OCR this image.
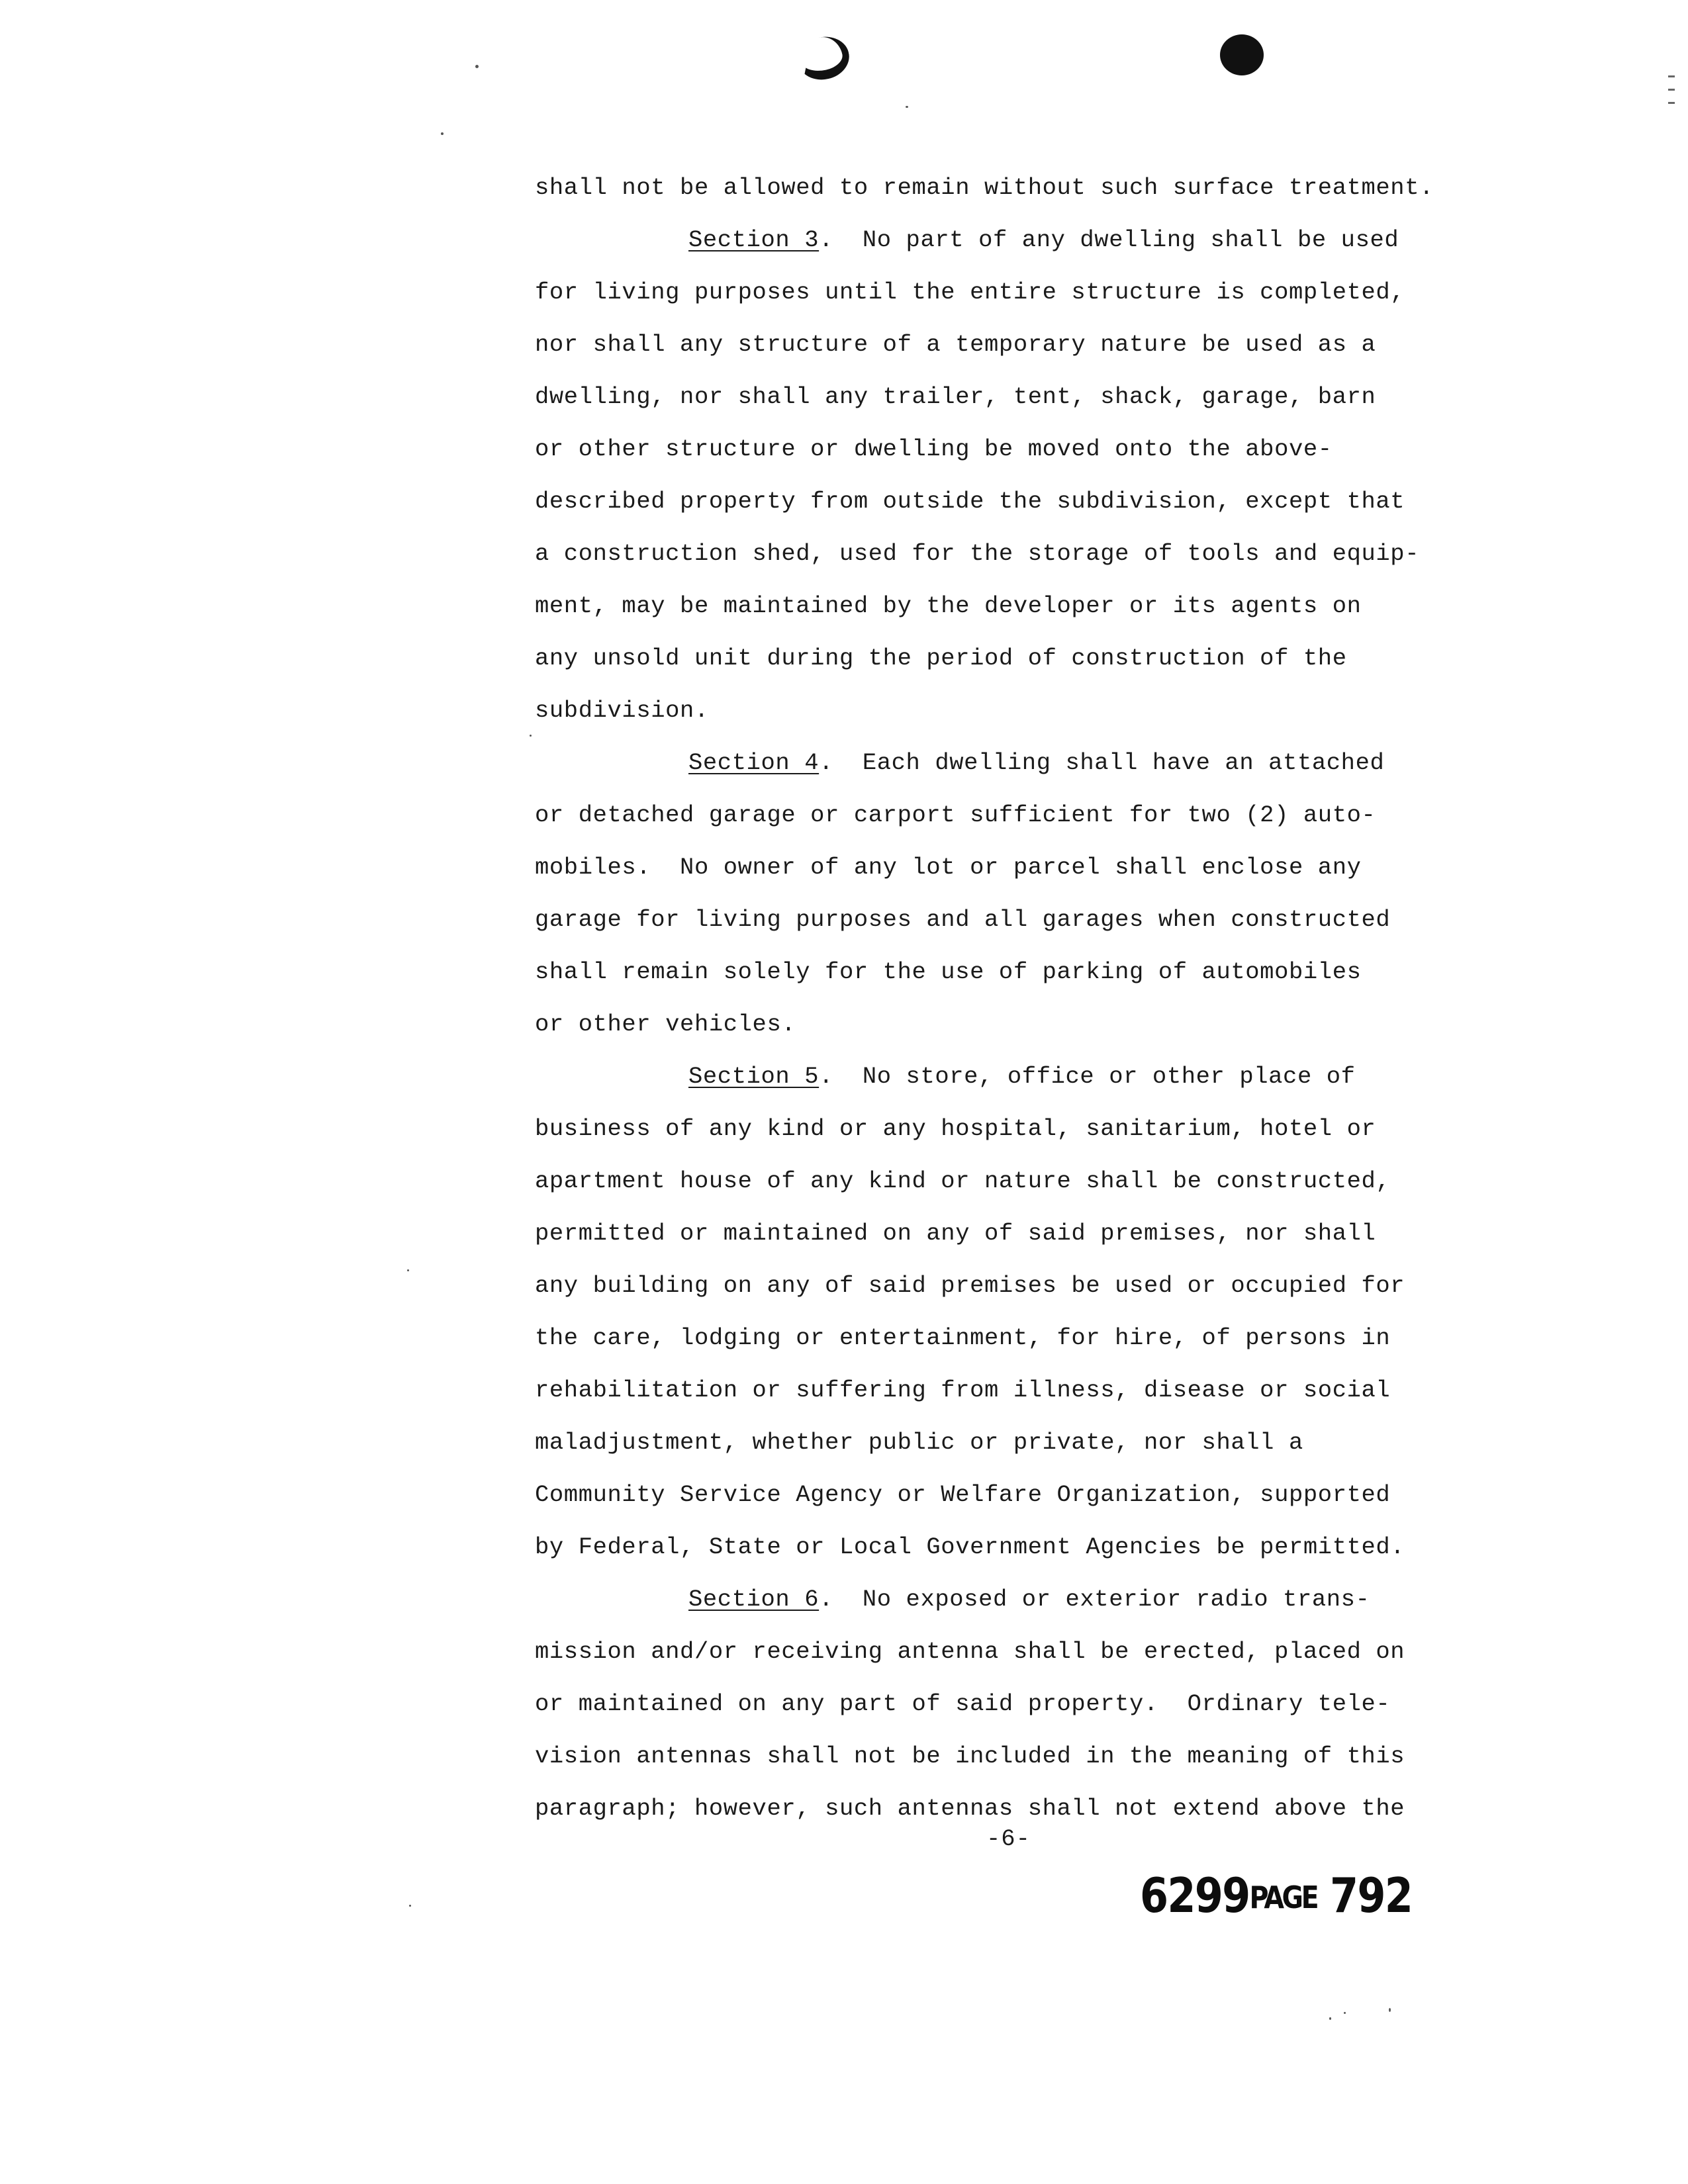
shall not be allowed to remain without such surface treatment.
Section 3.  No part of any dwelling shall be used
for living purposes until the entire structure is completed,
nor shall any structure of a temporary nature be used as a
dwelling, nor shall any trailer, tent, shack, garage, barn
or other structure or dwelling be moved onto the above-
described property from outside the subdivision, except that
a construction shed, used for the storage of tools and equip-
ment, may be maintained by the developer or its agents on
any unsold unit during the period of construction of the
subdivision.
Section 4.  Each dwelling shall have an attached
or detached garage or carport sufficient for two (2) auto-
mobiles.  No owner of any lot or parcel shall enclose any
garage for living purposes and all garages when constructed
shall remain solely for the use of parking of automobiles
or other vehicles.
Section 5.  No store, office or other place of
business of any kind or any hospital, sanitarium, hotel or
apartment house of any kind or nature shall be constructed,
permitted or maintained on any of said premises, nor shall
any building on any of said premises be used or occupied for
the care, lodging or entertainment, for hire, of persons in
rehabilitation or suffering from illness, disease or social
maladjustment, whether public or private, nor shall a
Community Service Agency or Welfare Organization, supported
by Federal, State or Local Government Agencies be permitted.
Section 6.  No exposed or exterior radio trans-
mission and/or receiving antenna shall be erected, placed on
or maintained on any part of said property.  Ordinary tele-
vision antennas shall not be included in the meaning of this
paragraph; however, such antennas shall not extend above the
-6-
6299PAGE 792
